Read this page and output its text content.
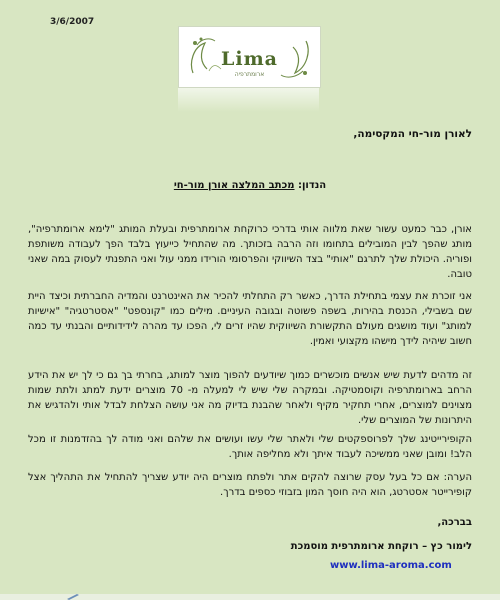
3/6/2007
Lima
ארומתרפיה
לאורן מור-חי המקסימה,
הנדון: מכתב המלצה אורן מור-חי
אורן, כבר כמעט עשור שאת מלווה אותי בדרכי כרוקחת ארומתרפית ובעלת המותג "לימא ארומתרפיה", מותג שהפך לבין המובילים בתחומו וזה הרבה בזכותך. מה שהתחיל כייעוץ בלבד הפך לעבודה משותפת ופוריה. היכולת שלך לתרגם "אותי" בצד השיווקי והפרסומי הורידו ממני עול ואני התפנתי לעסוק במה שאני טובה.
אני זוכרת את עצמי בתחילת הדרך, כאשר רק התחלתי להכיר את האינטרנט והמדיה החברתית וכיצד היית שם בשבילי, הכנסת בהירות, בשפה פשוטה ובגובה העיניים. מילים כמו "קונספט" "אסטרטגיה" "אישיות למותג" ועוד מושגים מעולם התקשורת השיווקית שהיו זרים לי, הפכו עד מהרה לידידותיים והבנתי עד כמה חשוב שיהיה לידך מישהו מקצועי ואמין.
זה מדהים לדעת שיש אנשים מוכשרים כמוך שיודעים להפוך מוצר למותג, בחרתי בך גם כי לך יש את הידע הרחב בארומתרפיה וקוסמטיקה. ובמקרה שלי שיש לי למעלה מ- 70 מוצרים ידעת למתג ולתת שמות מצוינים למוצרים, אחרי תחקיר מקיף ולאחר שהבנת בדיוק מה אני עושה הצלחת לבדל אותי ולהדגיש את היתרונות של המוצרים שלי.
הקופירייטינג שלך לפרוספקטים שלי ולאתר שלי עשו ועושים את שלהם ואני מודה לך בהזדמנות זו מכל הלב! ומובן שאני ממשיכה לעבוד איתך ולא מחליפה אותך.
הערה: אם כל בעל עסק שרוצה להקים אתר ולפתח מוצרים היה יודע שצריך להתחיל את התהליך אצל קופירייטר אסטרטג, הוא היה חוסך המון בזבוזי כספים בדרך.
בברכה,
לימור כץ – רוקחת ארומתרפית מוסמכת
www.lima-aroma.com
